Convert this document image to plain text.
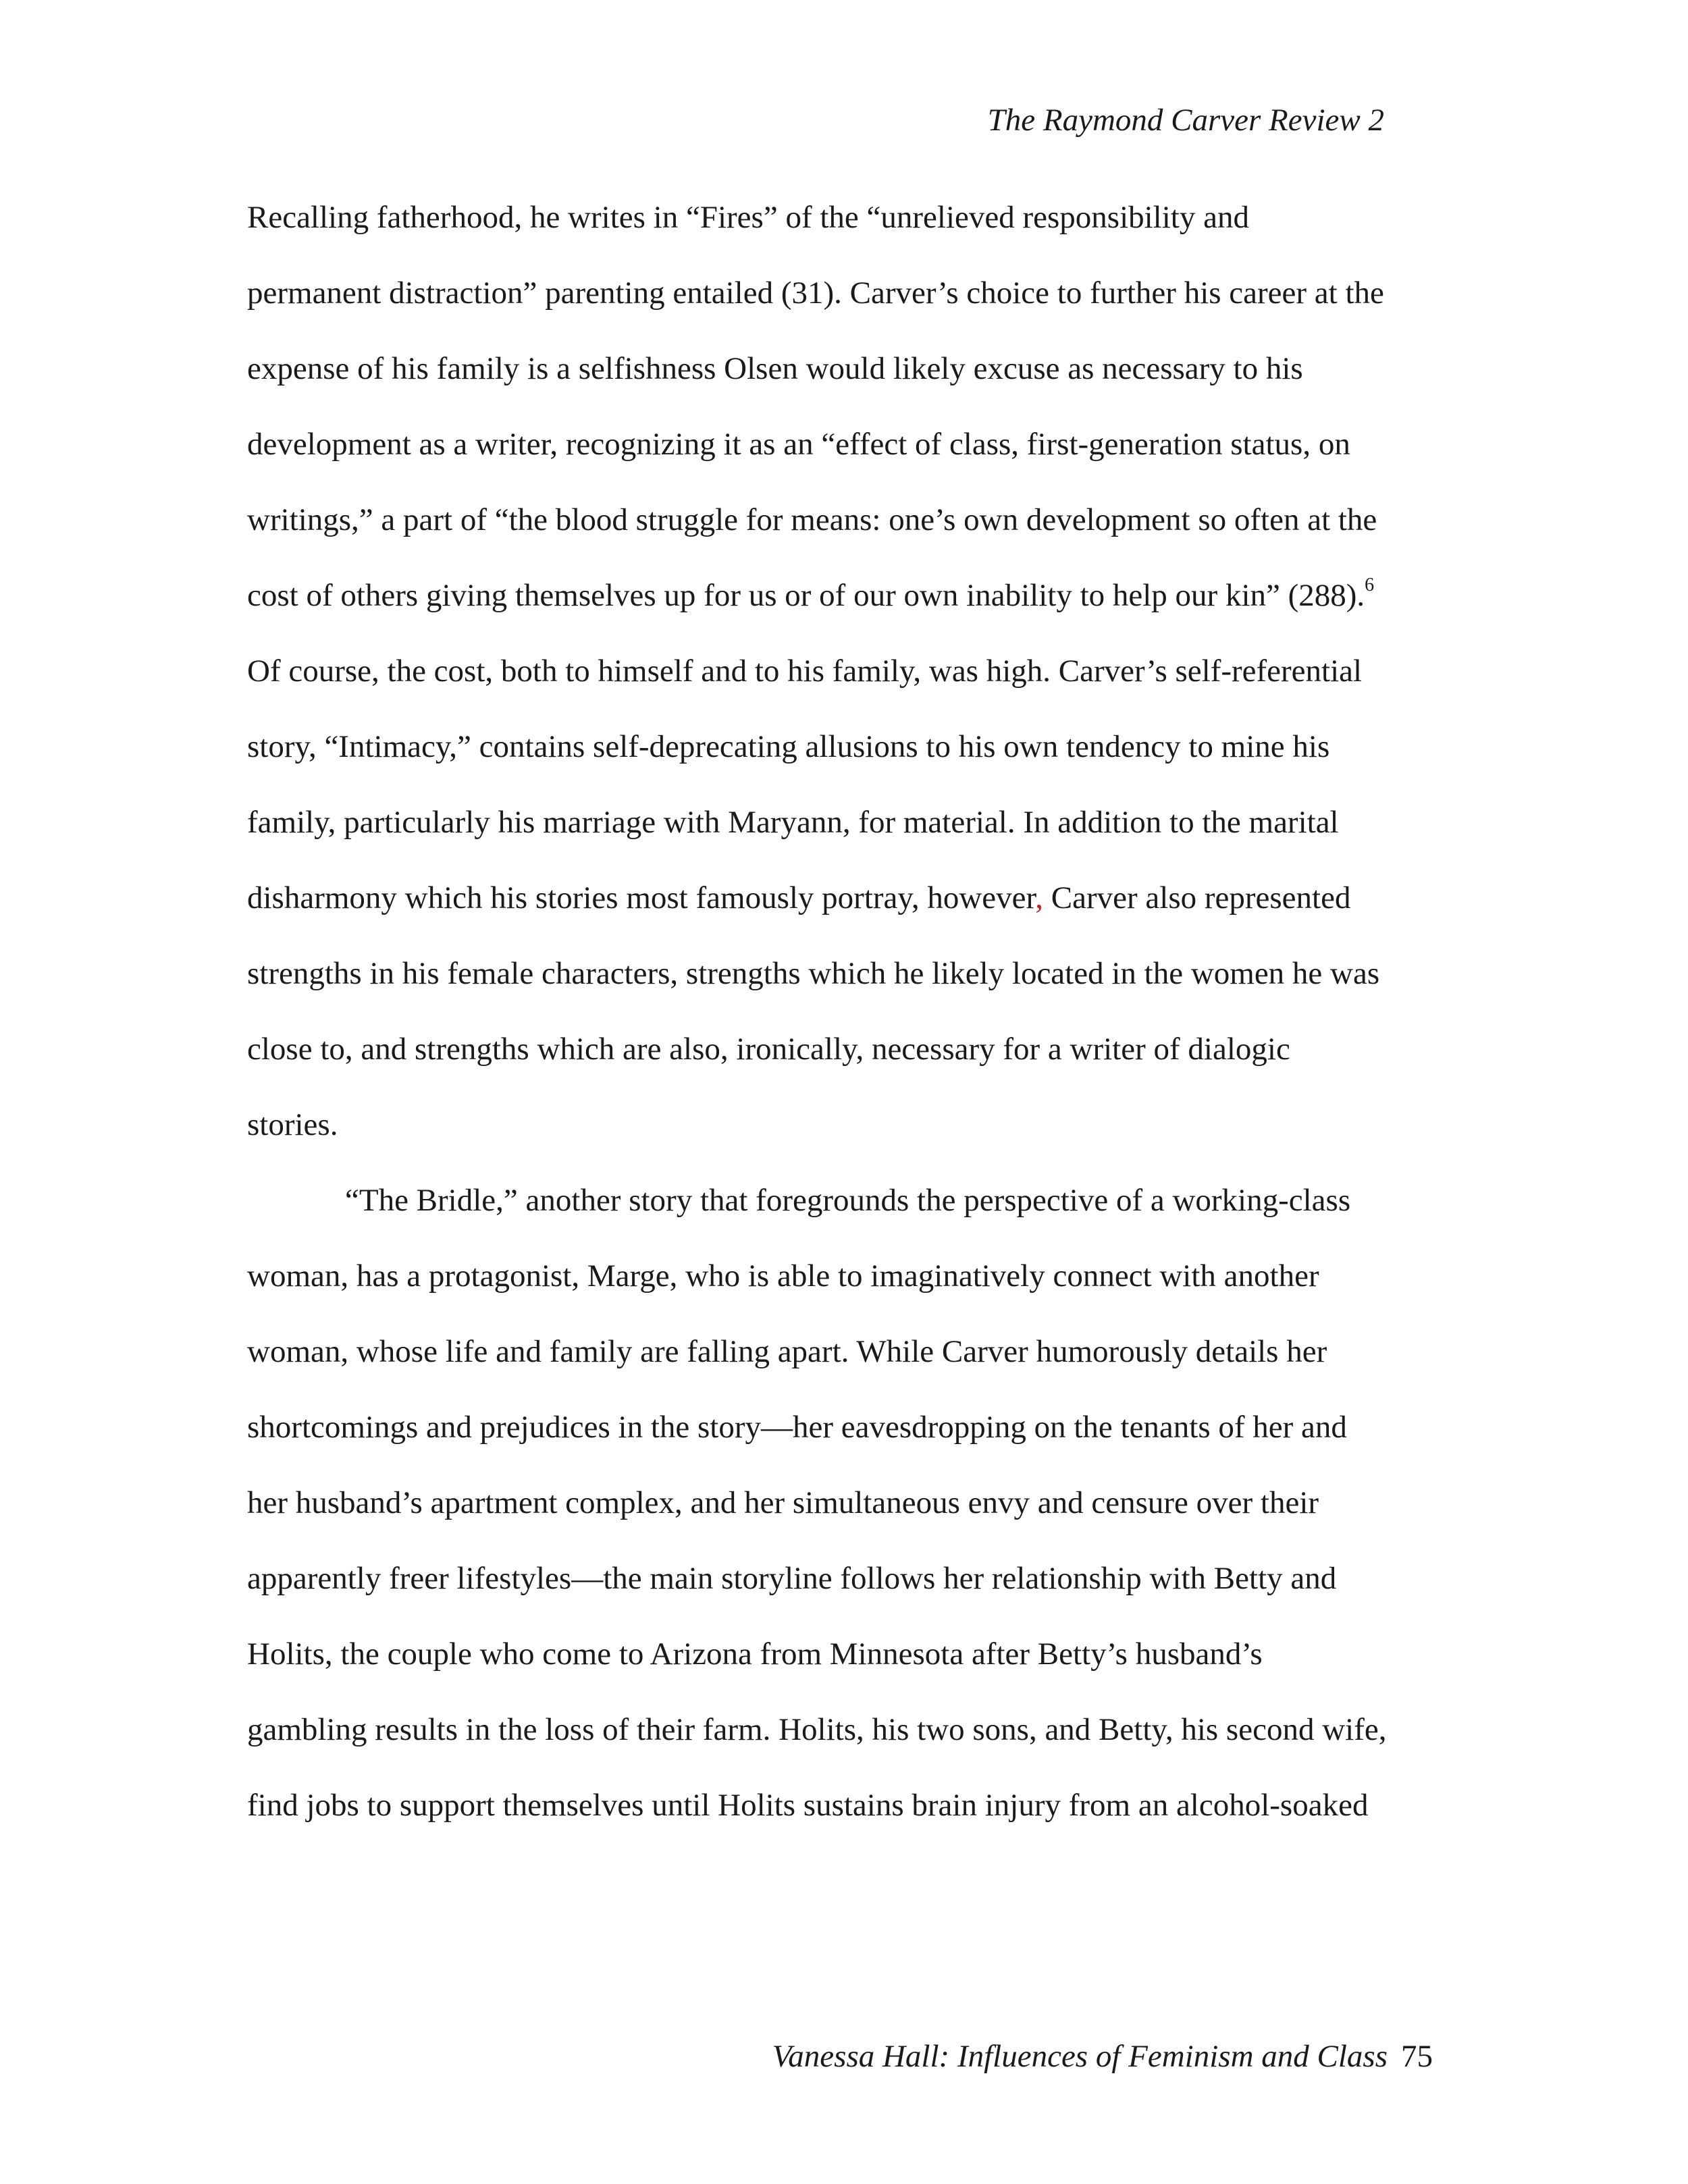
The Raymond Carver Review 2
Recalling fatherhood, he writes in “Fires” of the “unrelieved responsibility and
permanent distraction” parenting entailed (31). Carver’s choice to further his career at the
expense of his family is a selfishness Olsen would likely excuse as necessary to his
development as a writer, recognizing it as an “effect of class, first-generation status, on
writings,” a part of “the blood struggle for means: one’s own development so often at the
cost of others giving themselves up for us or of our own inability to help our kin” (288).$^6$
Of course, the cost, both to himself and to his family, was high. Carver’s self-referential
story, “Intimacy,” contains self-deprecating allusions to his own tendency to mine his
family, particularly his marriage with Maryann, for material. In addition to the marital
disharmony which his stories most famously portray, however, Carver also represented
strengths in his female characters, strengths which he likely located in the women he was
close to, and strengths which are also, ironically, necessary for a writer of dialogic
stories.
“The Bridle,” another story that foregrounds the perspective of a working-class
woman, has a protagonist, Marge, who is able to imaginatively connect with another
woman, whose life and family are falling apart. While Carver humorously details her
shortcomings and prejudices in the story—her eavesdropping on the tenants of her and
her husband’s apartment complex, and her simultaneous envy and censure over their
apparently freer lifestyles—the main storyline follows her relationship with Betty and
Holits, the couple who come to Arizona from Minnesota after Betty’s husband’s
gambling results in the loss of their farm. Holits, his two sons, and Betty, his second wife,
find jobs to support themselves until Holits sustains brain injury from an alcohol-soaked
Vanessa Hall: Influences of Feminism and Class 75
